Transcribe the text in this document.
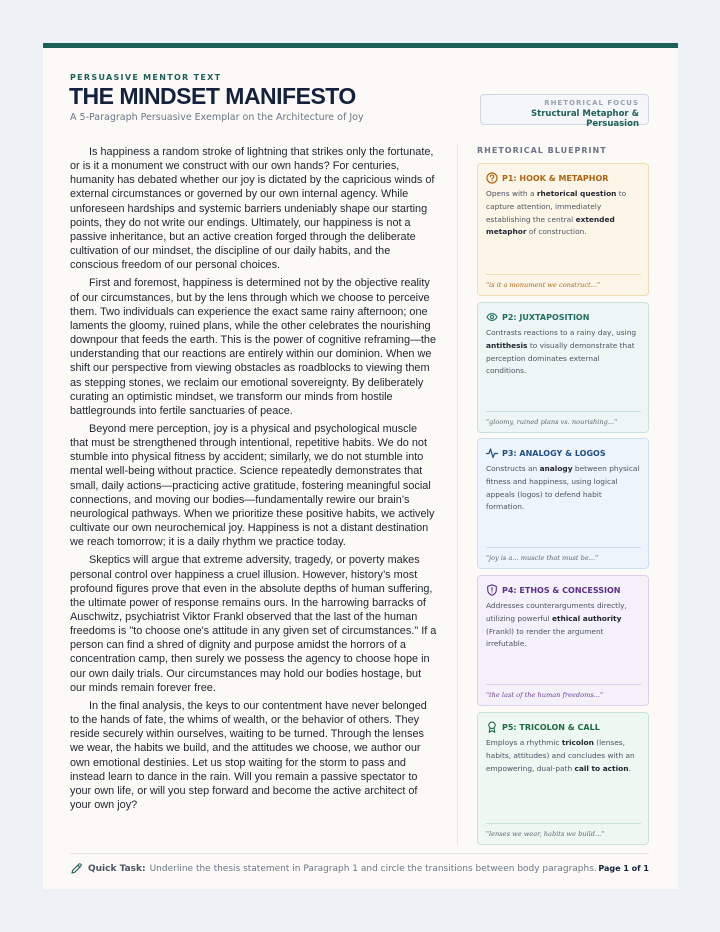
PERSUASIVE MENTOR TEXT
THE MINDSET MANIFESTO
A 5-Paragraph Persuasive Exemplar on the Architecture of Joy
RHETORICAL FOCUS
Structural Metaphor & Persuasion

Is happiness a random stroke of lightning that strikes only the fortunate, or is it a monument we construct with our own hands? For centuries, humanity has debated whether our joy is dictated by the capricious winds of external circumstances or governed by our own internal agency. While unforeseen hardships and systemic barriers undeniably shape our starting points, they do not write our endings. Ultimately, our happiness is not a passive inheritance, but an active creation forged through the deliberate cultivation of our mindset, the discipline of our daily habits, and the conscious freedom of our personal choices.

First and foremost, happiness is determined not by the objective reality of our circumstances, but by the lens through which we choose to perceive them. Two individuals can experience the exact same rainy afternoon; one laments the gloomy, ruined plans, while the other celebrates the nourishing downpour that feeds the earth. This is the power of cognitive reframing—the understanding that our reactions are entirely within our dominion. When we shift our perspective from viewing obstacles as roadblocks to viewing them as stepping stones, we reclaim our emotional sovereignty. By deliberately curating an optimistic mindset, we transform our minds from hostile battlegrounds into fertile sanctuaries of peace.

Beyond mere perception, joy is a physical and psychological muscle that must be strengthened through intentional, repetitive habits. We do not stumble into physical fitness by accident; similarly, we do not stumble into mental well-being without practice. Science repeatedly demonstrates that small, daily actions—practicing active gratitude, fostering meaningful social connections, and moving our bodies—fundamentally rewire our brain’s neurological pathways. When we prioritize these positive habits, we actively cultivate our own neurochemical joy. Happiness is not a distant destination we reach tomorrow; it is a daily rhythm we practice today.

Skeptics will argue that extreme adversity, tragedy, or poverty makes personal control over happiness a cruel illusion. However, history’s most profound figures prove that even in the absolute depths of human suffering, the ultimate power of response remains ours. In the harrowing barracks of Auschwitz, psychiatrist Viktor Frankl observed that the last of the human freedoms is "to choose one's attitude in any given set of circumstances." If a person can find a shred of dignity and purpose amidst the horrors of a concentration camp, then surely we possess the agency to choose hope in our own daily trials. Our circumstances may hold our bodies hostage, but our minds remain forever free.

In the final analysis, the keys to our contentment have never belonged to the hands of fate, the whims of wealth, or the behavior of others. They reside securely within ourselves, waiting to be turned. Through the lenses we wear, the habits we build, and the attitudes we choose, we author our own emotional destinies. Let us stop waiting for the storm to pass and instead learn to dance in the rain. Will you remain a passive spectator to your own life, or will you step forward and become the active architect of your own joy?

RHETORICAL BLUEPRINT
P1: HOOK & METAPHOR
Opens with a rhetorical question to capture attention, immediately establishing the central extended metaphor of construction.
"is it a monument we construct..."
P2: JUXTAPOSITION
Contrasts reactions to a rainy day, using antithesis to visually demonstrate that perception dominates external conditions.
"gloomy, ruined plans vs. nourishing..."
P3: ANALOGY & LOGOS
Constructs an analogy between physical fitness and happiness, using logical appeals (logos) to defend habit formation.
"joy is a... muscle that must be..."
P4: ETHOS & CONCESSION
Addresses counterarguments directly, utilizing powerful ethical authority (Frankl) to render the argument irrefutable.
"the last of the human freedoms..."
P5: TRICOLON & CALL
Employs a rhythmic tricolon (lenses, habits, attitudes) and concludes with an empowering, dual-path call to action.
"lenses we wear, habits we build..."
Quick Task: Underline the thesis statement in Paragraph 1 and circle the transitions between body paragraphs. Page 1 of 1
